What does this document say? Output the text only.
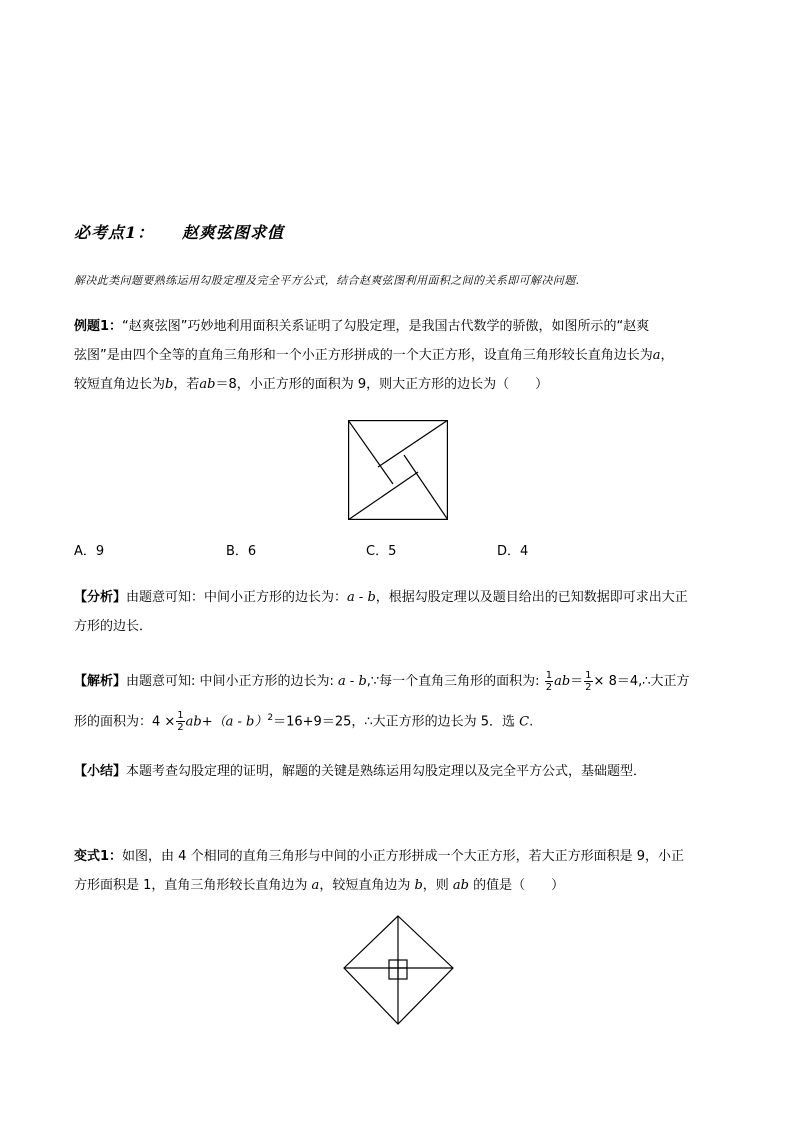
必考点1： 赵爽弦图求值
解决此类问题要熟练运用勾股定理及完全平方公式，结合赵爽弦图利用面积之间的关系即可解决问题.
例题1：“赵爽弦图”巧妙地利用面积关系证明了勾股定理，是我国古代数学的骄傲，如图所示的“赵爽
弦图”是由四个全等的直角三角形和一个小正方形拼成的一个大正方形，设直角三角形较长直角边长为a，
较短直角边长为b，若ab＝8，小正方形的面积为 9，则大正方形的边长为（　　）
A．9	B．6	C．5	D．4
【分析】由题意可知：中间小正方形的边长为：a - b，根据勾股定理以及题目给出的已知数据即可求出大正
方形的边长．
【解析】由题意可知: 中间小正方形的边长为: a - b,∵每一个直角三角形的面积为: $\frac{1}{2} ab= \frac{1}{2}$ × 8＝4,∴大正方
形的面积为：$4 \times \frac{1}{2} ab+(a - b)^2=16+9=25$，∴大正方形的边长为 5．选 C.
【小结】本题考查勾股定理的证明，解题的关键是熟练运用勾股定理以及完全平方公式，基础题型．
变式1：如图，由 4 个相同的直角三角形与中间的小正方形拼成一个大正方形，若大正方形面积是 9，小正
方形面积是 1，直角三角形较长直角边为 a，较短直角边为 b，则 ab 的值是（　　）
